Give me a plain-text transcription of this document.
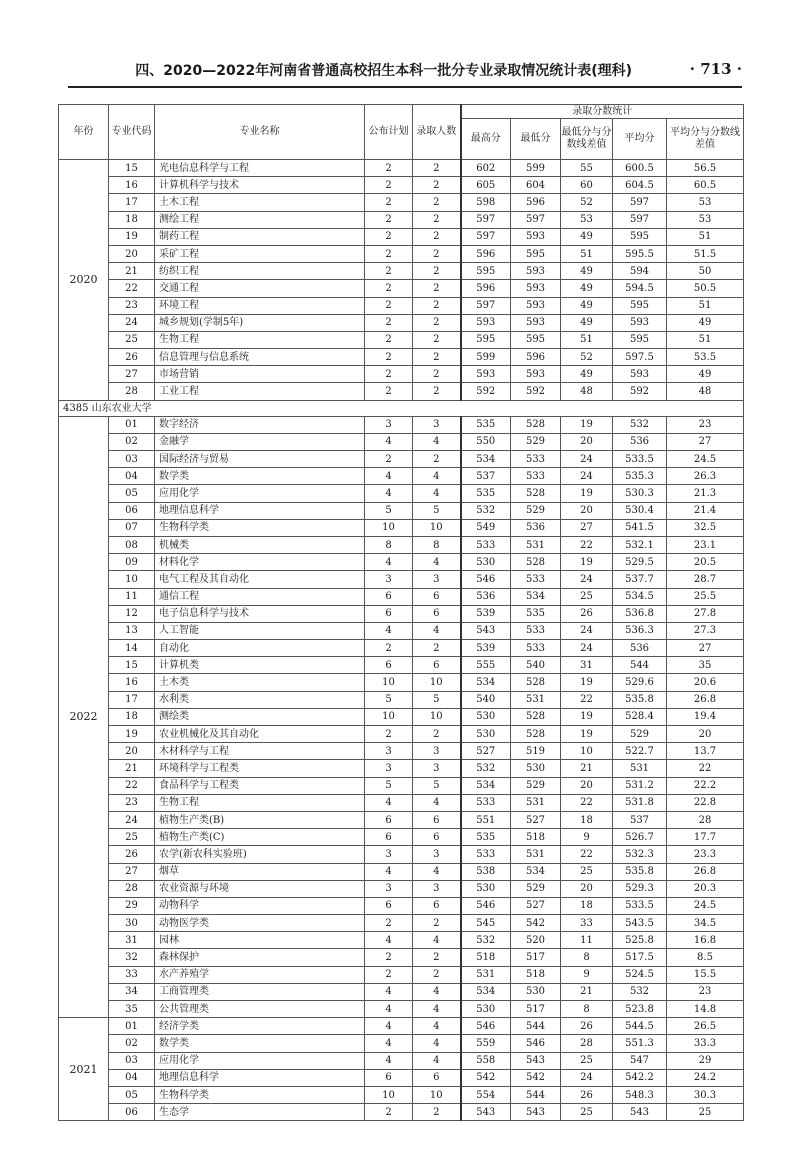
四、2020—2022年河南省普通高校招生本科一批分专业录取情况统计表(理科)	· 713 ·
年份	专业代码	专业名称	公布计划	录取人数	录取分数统计				
					最高分	最低分	最低分与分数线差值	平均分	平均分与分数线差值
2020	15	光电信息科学与工程	2	2	602	599	55	600.5	56.5
	16	计算机科学与技术	2	2	605	604	60	604.5	60.5
	17	土木工程	2	2	598	596	52	597	53
	18	测绘工程	2	2	597	597	53	597	53
	19	制药工程	2	2	597	593	49	595	51
	20	采矿工程	2	2	596	595	51	595.5	51.5
	21	纺织工程	2	2	595	593	49	594	50
	22	交通工程	2	2	596	593	49	594.5	50.5
	23	环境工程	2	2	597	593	49	595	51
	24	城乡规划(学制5年)	2	2	593	593	49	593	49
	25	生物工程	2	2	595	595	51	595	51
	26	信息管理与信息系统	2	2	599	596	52	597.5	53.5
	27	市场营销	2	2	593	593	49	593	49
	28	工业工程	2	2	592	592	48	592	48
4385 山东农业大学									
2022	01	数字经济	3	3	535	528	19	532	23
	02	金融学	4	4	550	529	20	536	27
	03	国际经济与贸易	2	2	534	533	24	533.5	24.5
	04	数学类	4	4	537	533	24	535.3	26.3
	05	应用化学	4	4	535	528	19	530.3	21.3
	06	地理信息科学	5	5	532	529	20	530.4	21.4
	07	生物科学类	10	10	549	536	27	541.5	32.5
	08	机械类	8	8	533	531	22	532.1	23.1
	09	材料化学	4	4	530	528	19	529.5	20.5
	10	电气工程及其自动化	3	3	546	533	24	537.7	28.7
	11	通信工程	6	6	536	534	25	534.5	25.5
	12	电子信息科学与技术	6	6	539	535	26	536.8	27.8
	13	人工智能	4	4	543	533	24	536.3	27.3
	14	自动化	2	2	539	533	24	536	27
	15	计算机类	6	6	555	540	31	544	35
	16	土木类	10	10	534	528	19	529.6	20.6
	17	水利类	5	5	540	531	22	535.8	26.8
	18	测绘类	10	10	530	528	19	528.4	19.4
	19	农业机械化及其自动化	2	2	530	528	19	529	20
	20	木材科学与工程	3	3	527	519	10	522.7	13.7
	21	环境科学与工程类	3	3	532	530	21	531	22
	22	食品科学与工程类	5	5	534	529	20	531.2	22.2
	23	生物工程	4	4	533	531	22	531.8	22.8
	24	植物生产类(B)	6	6	551	527	18	537	28
	25	植物生产类(C)	6	6	535	518	9	526.7	17.7
	26	农学(新农科实验班)	3	3	533	531	22	532.3	23.3
	27	烟草	4	4	538	534	25	535.8	26.8
	28	农业资源与环境	3	3	530	529	20	529.3	20.3
	29	动物科学	6	6	546	527	18	533.5	24.5
	30	动物医学类	2	2	545	542	33	543.5	34.5
	31	园林	4	4	532	520	11	525.8	16.8
	32	森林保护	2	2	518	517	8	517.5	8.5
	33	水产养殖学	2	2	531	518	9	524.5	15.5
	34	工商管理类	4	4	534	530	21	532	23
	35	公共管理类	4	4	530	517	8	523.8	14.8
2021	01	经济学类	4	4	546	544	26	544.5	26.5
	02	数学类	4	4	559	546	28	551.3	33.3
	03	应用化学	4	4	558	543	25	547	29
	04	地理信息科学	6	6	542	542	24	542.2	24.2
	05	生物科学类	10	10	554	544	26	548.3	30.3
	06	生态学	2	2	543	543	25	543	25
